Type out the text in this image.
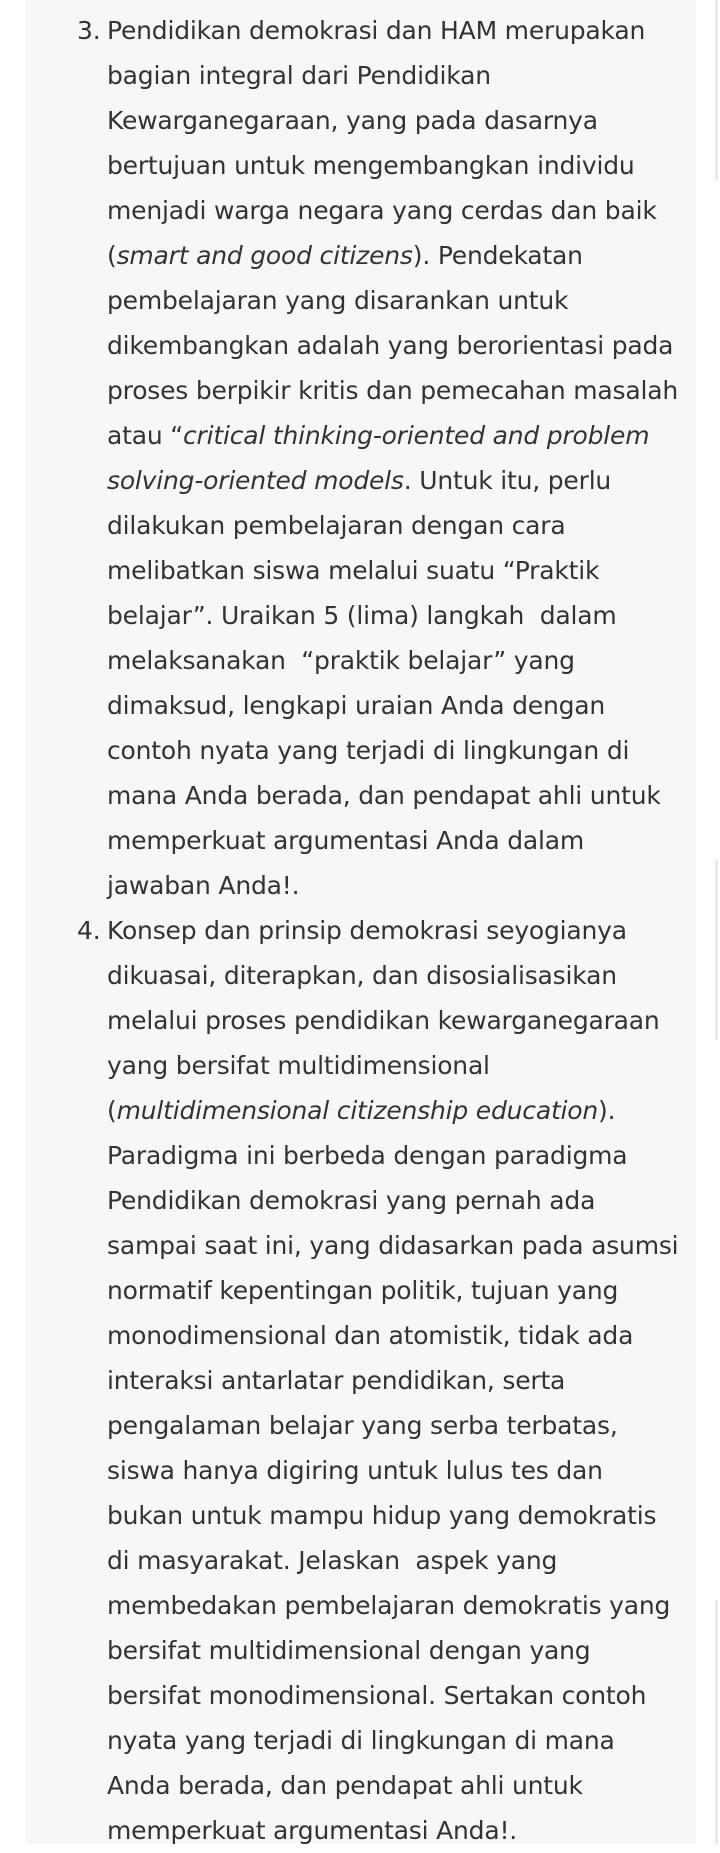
3. Pendidikan demokrasi dan HAM merupakan bagian integral dari Pendidikan Kewarganegaraan, yang pada dasarnya bertujuan untuk mengembangkan individu menjadi warga negara yang cerdas dan baik (smart and good citizens). Pendekatan pembelajaran yang disarankan untuk dikembangkan adalah yang berorientasi pada proses berpikir kritis dan pemecahan masalah atau “critical thinking-oriented and problem solving-oriented models. Untuk itu, perlu dilakukan pembelajaran dengan cara melibatkan siswa melalui suatu “Praktik belajar”. Uraikan 5 (lima) langkah  dalam melaksanakan  “praktik belajar” yang dimaksud, lengkapi uraian Anda dengan  contoh nyata yang terjadi di lingkungan di mana Anda berada, dan pendapat ahli untuk memperkuat argumentasi Anda dalam jawaban Anda!.
4. Konsep dan prinsip demokrasi seyogianya dikuasai, diterapkan, dan disosialisasikan melalui proses pendidikan kewarganegaraan yang bersifat multidimensional (multidimensional citizenship education). Paradigma ini berbeda dengan paradigma Pendidikan demokrasi yang pernah ada sampai saat ini, yang didasarkan pada asumsi normatif kepentingan politik, tujuan yang monodimensional dan atomistik, tidak ada interaksi antarlatar pendidikan, serta pengalaman belajar yang serba terbatas, siswa hanya digiring untuk lulus tes dan bukan untuk mampu hidup yang demokratis di masyarakat. Jelaskan  aspek yang membedakan pembelajaran demokratis yang bersifat multidimensional dengan yang bersifat monodimensional. Sertakan contoh nyata yang terjadi di lingkungan di mana Anda berada, dan pendapat ahli untuk memperkuat argumentasi Anda!.
